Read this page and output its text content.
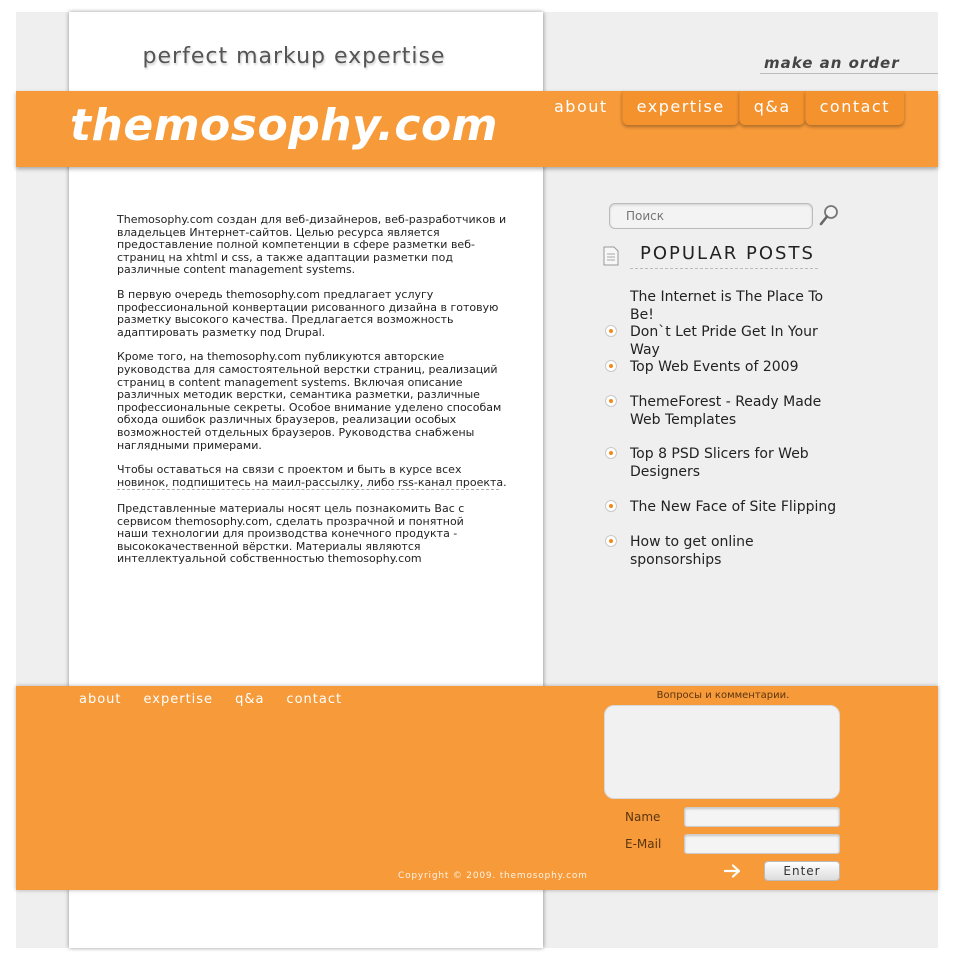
perfect markup expertise	make an order
themosophy.com	about	expertise	q&a	contact

Themosophy.com создан для веб-дизайнеров, веб-разработчиков и владельцев Интернет-сайтов. Целью ресурса является предоставление полной компетенции в сфере разметки веб-страниц на xhtml и css, а также адаптации разметки под различные content management systems.

В первую очередь themosophy.com предлагает услугу профессиональной конвертации рисованного дизайна в готовую разметку высокого качества. Предлагается возможность адаптировать разметку под Drupal.

Кроме того, на themosophy.com публикуются авторские руководства для самостоятельной верстки страниц, реализаций страниц в content management systems. Включая описание различных методик верстки, семантика разметки, различные профессиональные секреты. Особое внимание уделено способам обхода ошибок различных браузеров, реализации особых возможностей отдельных браузеров. Руководства снабжены наглядными примерами.

Чтобы оставаться на связи с проектом и быть в курсе всех новинок, подпишитесь на маил-рассылку, либо rss-канал проекта.

Представленные материалы носят цель познакомить Вас с сервисом themosophy.com, сделать прозрачной и понятной наши технологии для производства конечного продукта - высококачественной вёрстки. Материалы являются интеллектуальной собственностью themosophy.com
Поиск
POPULAR POSTS
The Internet is The Place To Be!
Don`t Let Pride Get In Your Way
Top Web Events of 2009
ThemeForest - Ready Made Web Templates
Top 8 PSD Slicers for Web Designers
The New Face of Site Flipping
How to get online sponsorships
about expertise q&a contact	Вопросы и комментарии.
Name
E-Mail
Enter
Copyright © 2009. themosophy.com
